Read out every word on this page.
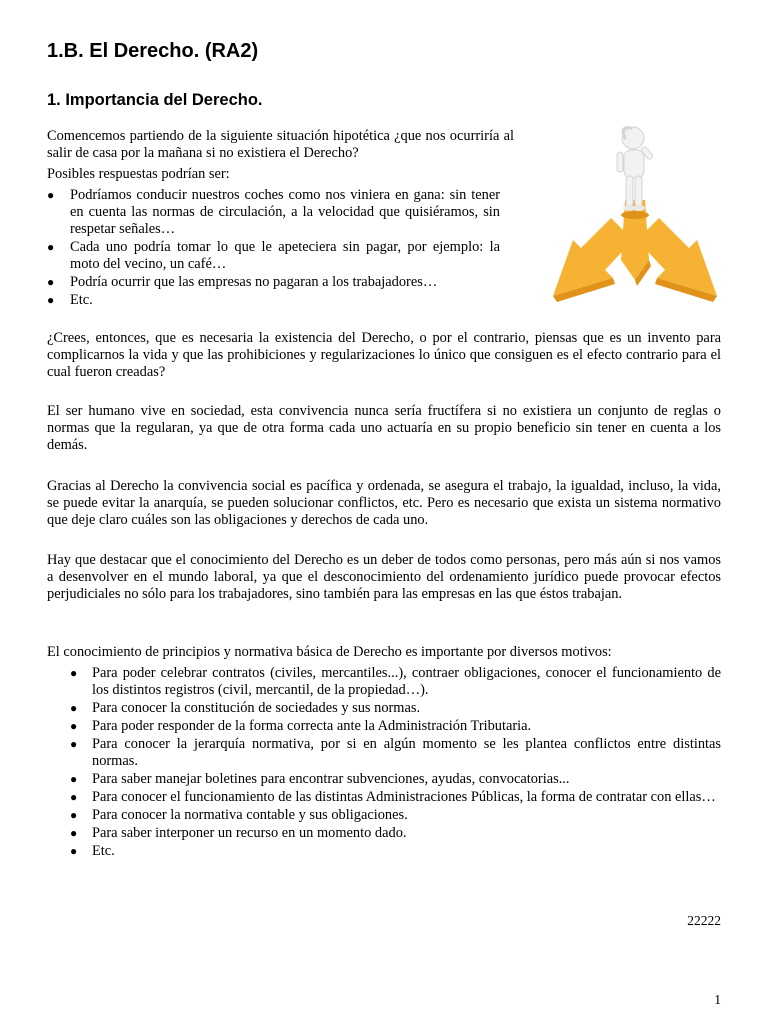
1.B. El Derecho. (RA2)
1. Importancia del Derecho.

Comencemos partiendo de la siguiente situación hipotética ¿que nos ocurriría al salir de casa por la mañana si no existiera el Derecho?

Posibles respuestas podrían ser:

● Podríamos conducir nuestros coches como nos viniera en gana: sin tener en cuenta las normas de circulación, a la velocidad que quisiéramos, sin respetar señales…
● Cada uno podría tomar lo que le apeteciera sin pagar, por ejemplo: la moto del vecino, un café…
● Podría ocurrir que las empresas no pagaran a los trabajadores…
● Etc.

¿Crees, entonces, que es necesaria la existencia del Derecho, o por el contrario, piensas que es un invento para complicarnos la vida y que las prohibiciones y regularizaciones lo único que consiguen es el efecto contrario para el cual fueron creadas?

El ser humano vive en sociedad, esta convivencia nunca sería fructífera si no existiera un conjunto de reglas o normas que la regularan, ya que de otra forma cada uno actuaría en su propio beneficio sin tener en cuenta a los demás.

Gracias al Derecho la convivencia social es pacífica y ordenada, se asegura el trabajo, la igualdad, incluso, la vida, se puede evitar la anarquía, se pueden solucionar conflictos, etc. Pero es necesario que exista un sistema normativo que deje claro cuáles son las obligaciones y derechos de cada uno.

Hay que destacar que el conocimiento del Derecho es un deber de todos como personas, pero más aún si nos vamos a desenvolver en el mundo laboral, ya que el desconocimiento del ordenamiento jurídico puede provocar efectos perjudiciales no sólo para los trabajadores, sino también para las empresas en las que éstos trabajan.

El conocimiento de principios y normativa básica de Derecho es importante por diversos motivos:

● Para poder celebrar contratos (civiles, mercantiles...), contraer obligaciones, conocer el funcionamiento de los distintos registros (civil, mercantil, de la propiedad…).
● Para conocer la constitución de sociedades y sus normas.
● Para poder responder de la forma correcta ante la Administración Tributaria.
● Para conocer la jerarquía normativa, por si en algún momento se les plantea conflictos entre distintas normas.
● Para saber manejar boletines para encontrar subvenciones, ayudas, convocatorias...
● Para conocer el funcionamiento de las distintas Administraciones Públicas, la forma de contratar con ellas…
● Para conocer la normativa contable y sus obligaciones.
● Para saber interponer un recurso en un momento dado.
● Etc.
22222
1
